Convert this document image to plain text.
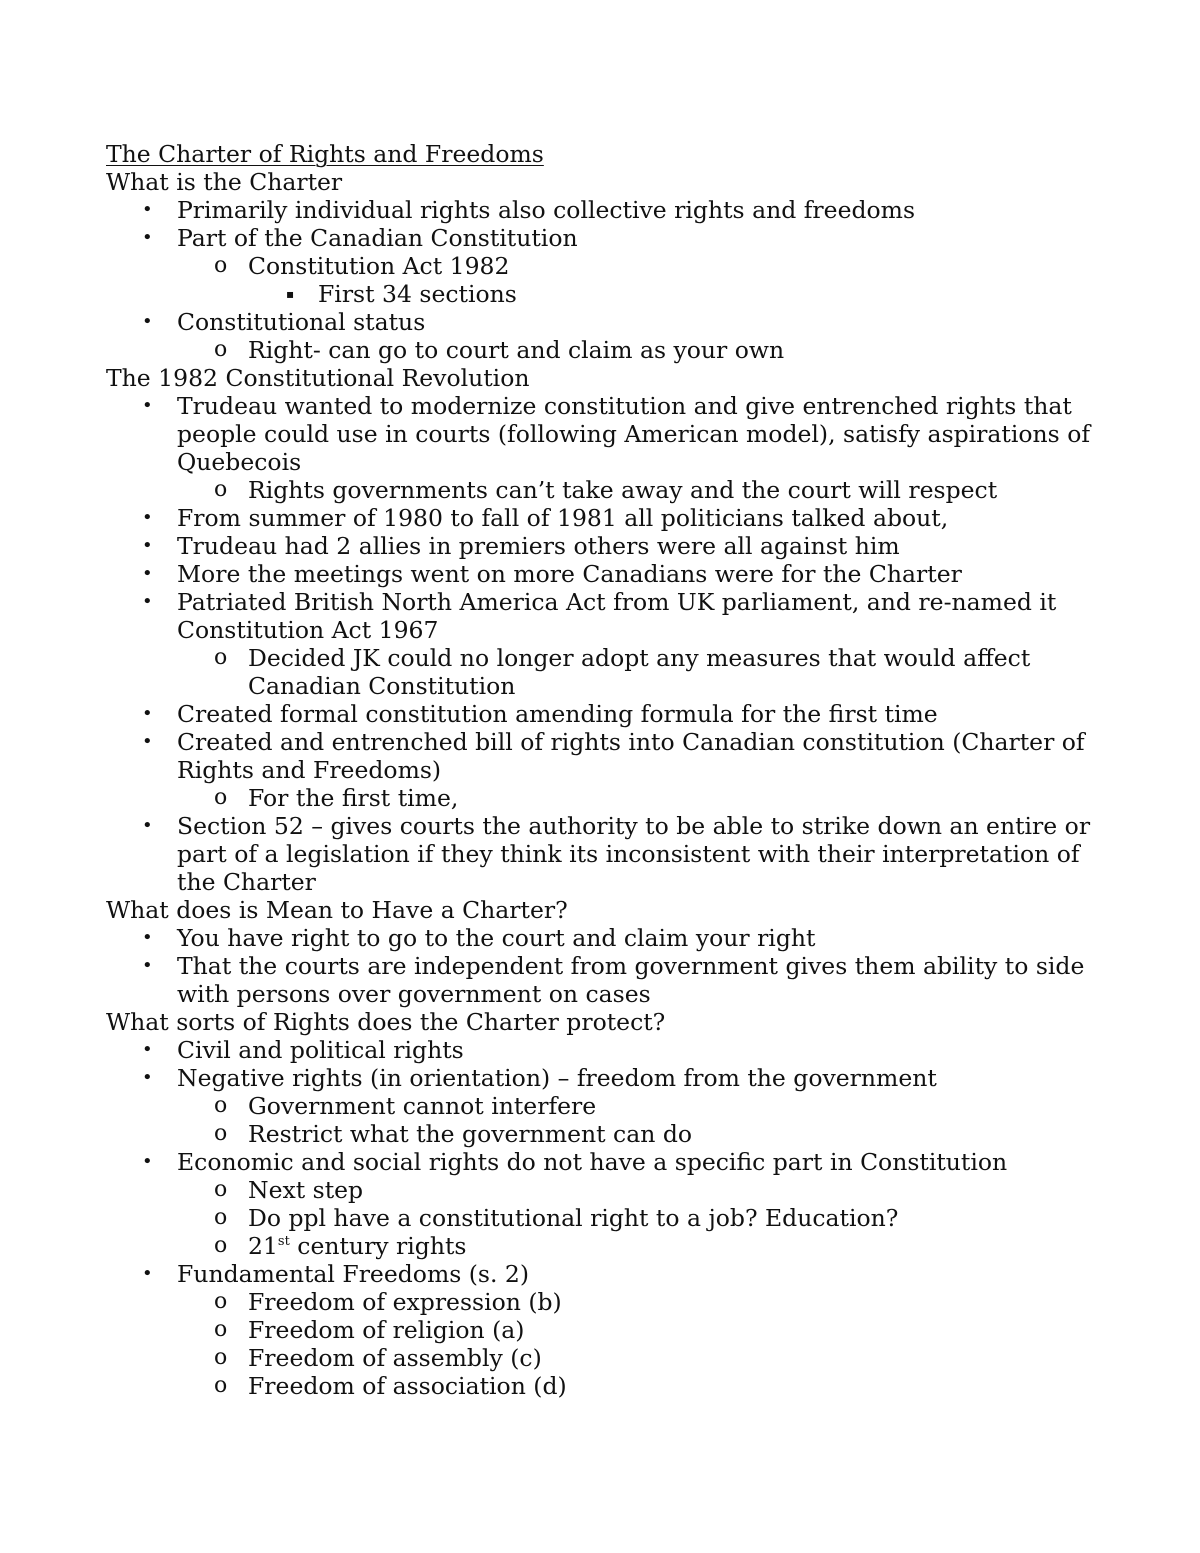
The Charter of Rights and Freedoms
What is the Charter
• Primarily individual rights also collective rights and freedoms
• Part of the Canadian Constitution
o Constitution Act 1982
▪ First 34 sections
• Constitutional status
o Right- can go to court and claim as your own
The 1982 Constitutional Revolution
• Trudeau wanted to modernize constitution and give entrenched rights that people could use in courts (following American model), satisfy aspirations of Quebecois
o Rights governments can’t take away and the court will respect
• From summer of 1980 to fall of 1981 all politicians talked about,
• Trudeau had 2 allies in premiers others were all against him
• More the meetings went on more Canadians were for the Charter
• Patriated British North America Act from UK parliament, and re-named it Constitution Act 1967
o Decided JK could no longer adopt any measures that would affect Canadian Constitution
• Created formal constitution amending formula for the first time
• Created and entrenched bill of rights into Canadian constitution (Charter of Rights and Freedoms)
o For the first time,
• Section 52 – gives courts the authority to be able to strike down an entire or part of a legislation if they think its inconsistent with their interpretation of the Charter
What does is Mean to Have a Charter?
• You have right to go to the court and claim your right
• That the courts are independent from government gives them ability to side with persons over government on cases
What sorts of Rights does the Charter protect?
• Civil and political rights
• Negative rights (in orientation) – freedom from the government
o Government cannot interfere
o Restrict what the government can do
• Economic and social rights do not have a specific part in Constitution
o Next step
o Do ppl have a constitutional right to a job? Education?
o 21st century rights
• Fundamental Freedoms (s. 2)
o Freedom of expression (b)
o Freedom of religion (a)
o Freedom of assembly (c)
o Freedom of association (d)
